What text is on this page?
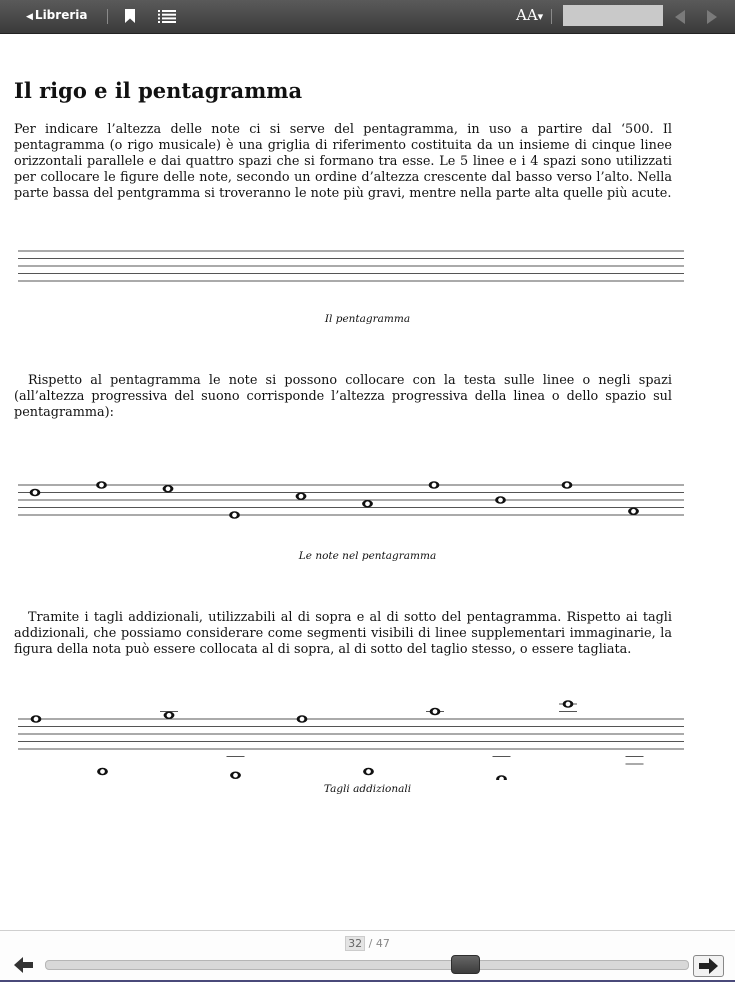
◀ Libreria	AA▾
Il rigo e il pentagramma

Per indicare l’altezza delle note ci si serve del pentagramma, in uso a partire dal ‘500. Il pentagramma (o rigo musicale) è una griglia di riferimento costituita da un insieme di cinque linee orizzontali parallele e dai quattro spazi che si formano tra esse. Le 5 linee e i 4 spazi sono utilizzati per collocare le figure delle note, secondo un ordine d’altezza crescente dal basso verso l’alto. Nella parte bassa del pentgramma si troveranno le note più gravi, mentre nella parte alta quelle più acute.

Il pentagramma

Rispetto al pentagramma le note si possono collocare con la testa sulle linee o negli spazi (all’altezza progressiva del suono corrisponde l’altezza progressiva della linea o dello spazio sul pentagramma):

Le note nel pentagramma

Tramite i tagli addizionali, utilizzabili al di sopra e al di sotto del pentagramma. Rispetto ai tagli addizionali, che possiamo considerare come segmenti visibili di linee supplementari immaginarie, la figura della nota può essere collocata al di sopra, al di sotto del taglio stesso, o essere tagliata.

Tagli addizionali
32 / 47
